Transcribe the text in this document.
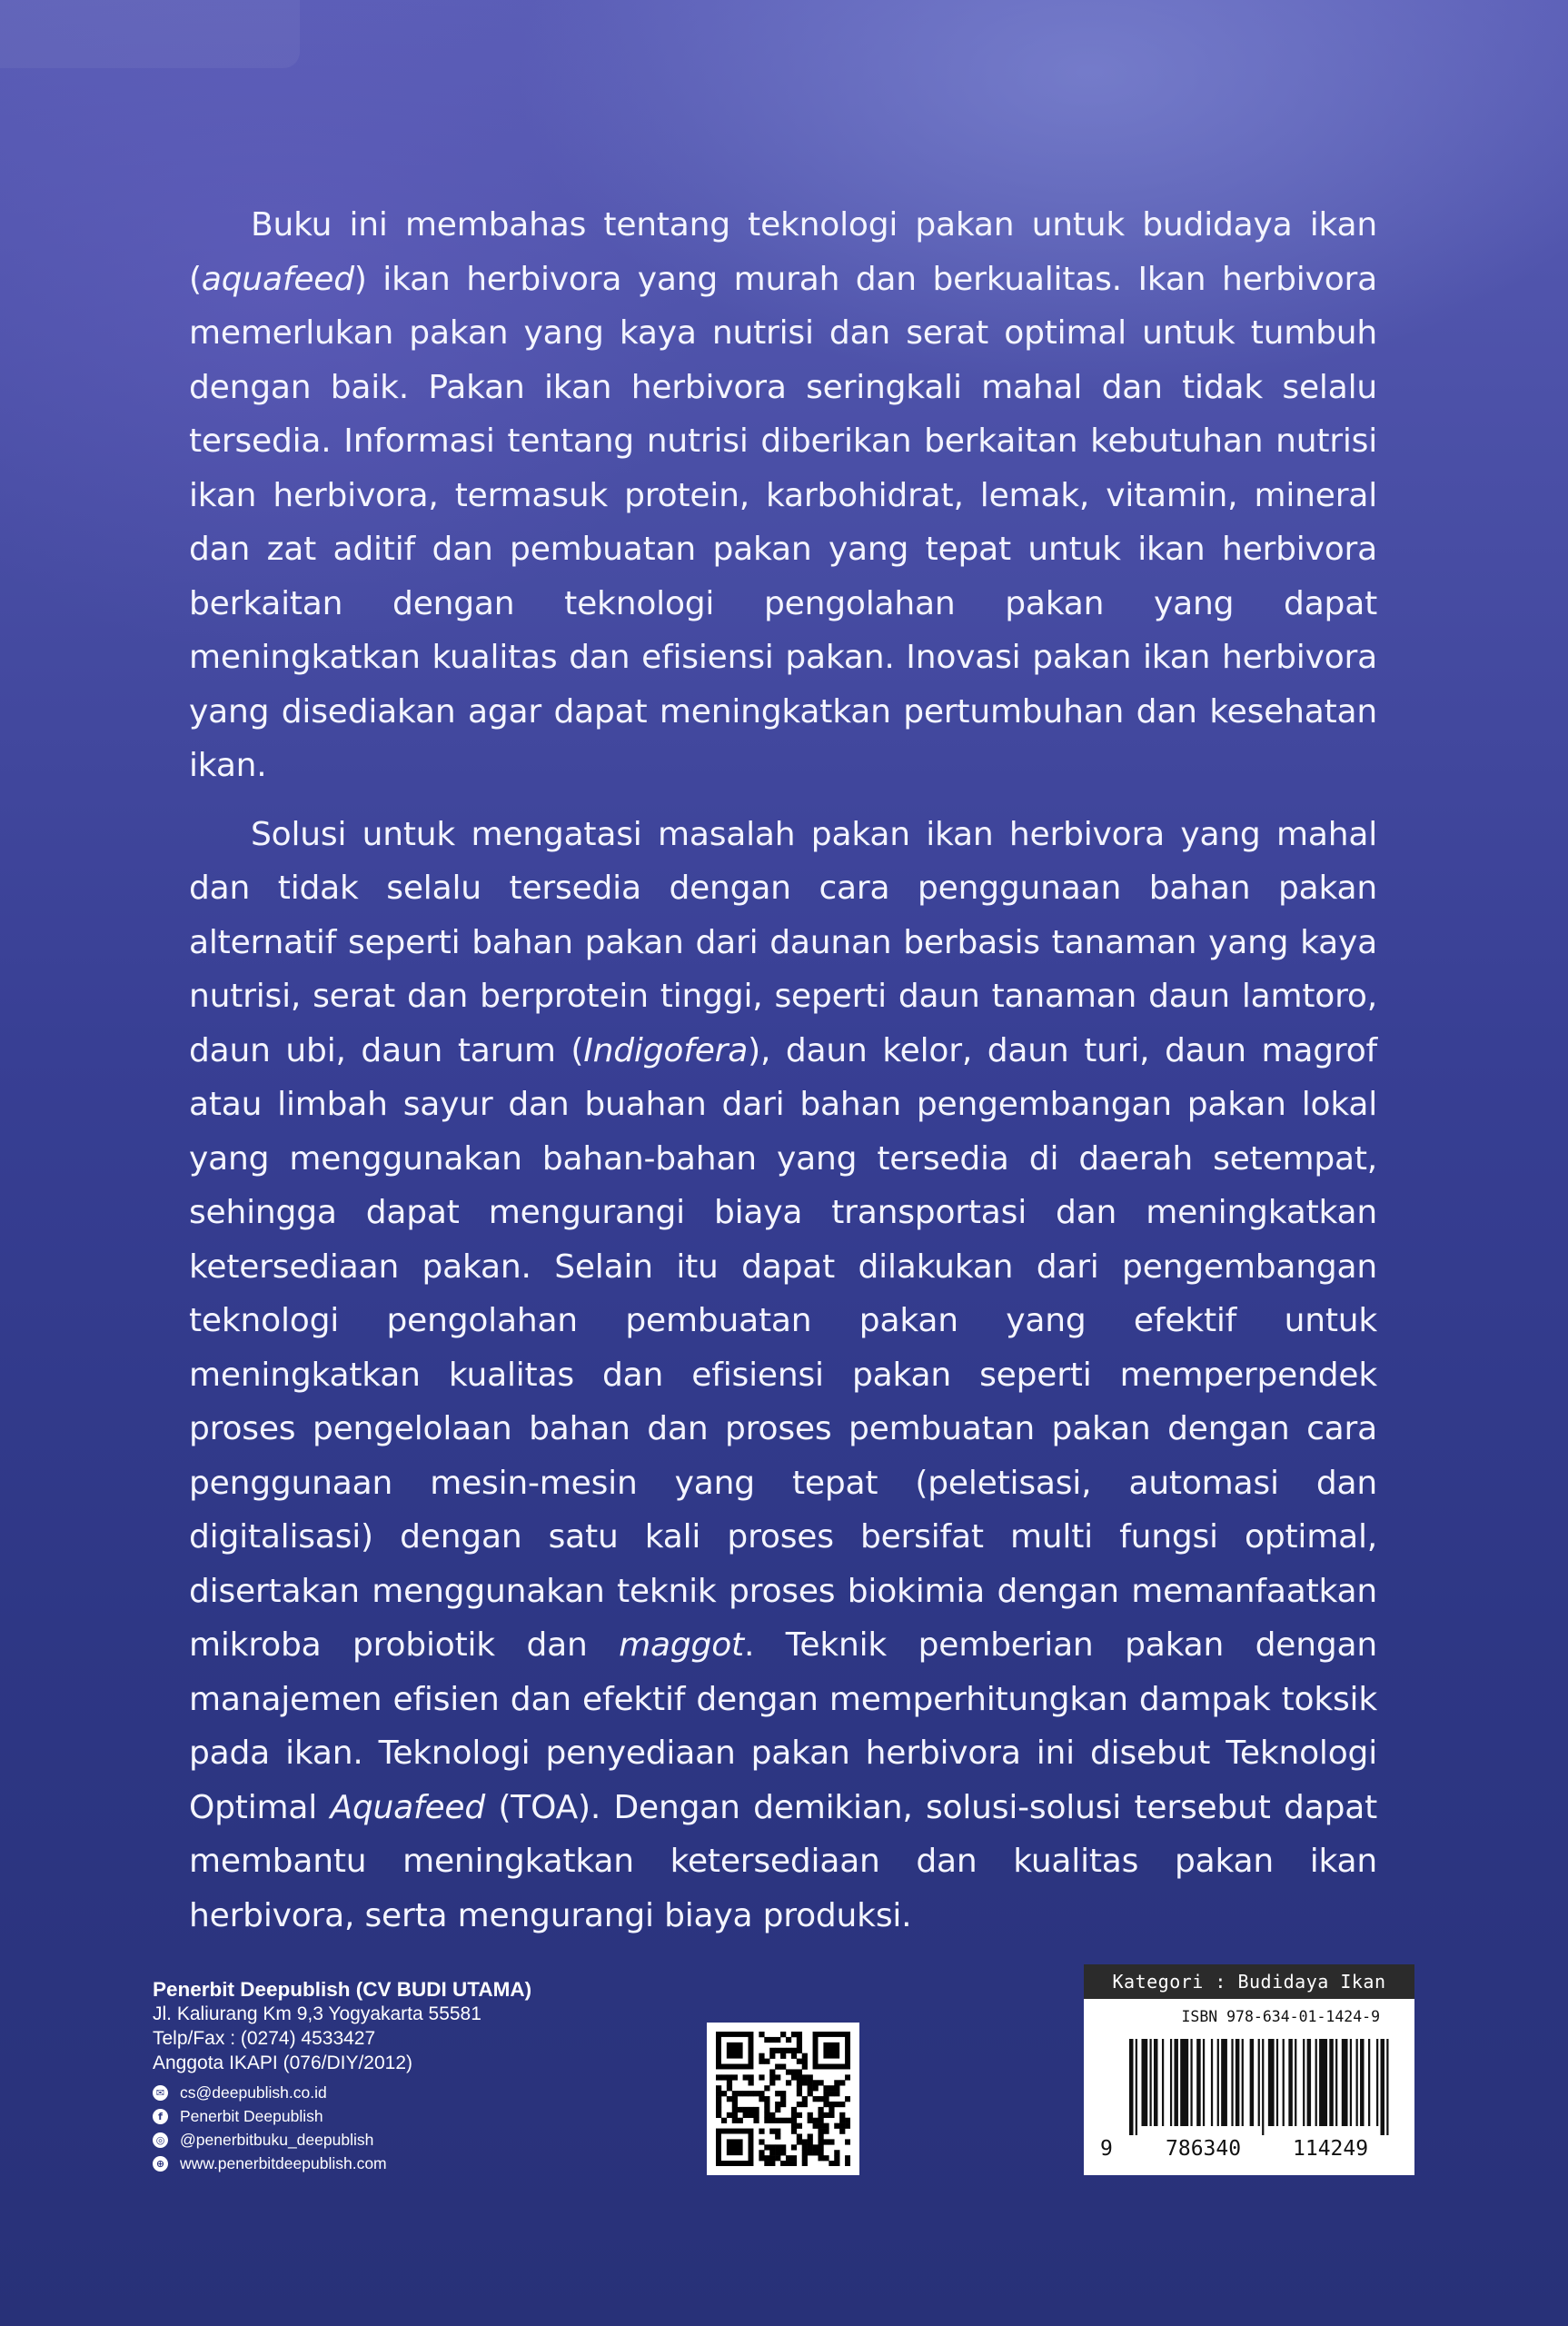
Buku ini membahas tentang teknologi pakan untuk budidaya ikan (aquafeed) ikan herbivora yang murah dan berkualitas. Ikan herbivora memerlukan pakan yang kaya nutrisi dan serat optimal untuk tumbuh dengan baik. Pakan ikan herbivora seringkali mahal dan tidak selalu tersedia. Informasi tentang nutrisi diberikan berkaitan kebutuhan nutrisi ikan herbivora, termasuk protein, karbohidrat, lemak, vitamin, mineral dan zat aditif dan pembuatan pakan yang tepat untuk ikan herbivora berkaitan dengan teknologi pengolahan pakan yang dapat meningkatkan kualitas dan efisiensi pakan. Inovasi pakan ikan herbivora yang disediakan agar dapat meningkatkan pertumbuhan dan kesehatan ikan.

Solusi untuk mengatasi masalah pakan ikan herbivora yang mahal dan tidak selalu tersedia dengan cara penggunaan bahan pakan alternatif seperti bahan pakan dari daunan berbasis tanaman yang kaya nutrisi, serat dan berprotein tinggi, seperti daun tanaman daun lamtoro, daun ubi, daun tarum (Indigofera), daun kelor, daun turi, daun magrof atau limbah sayur dan buahan dari bahan pengembangan pakan lokal yang menggunakan bahan-bahan yang tersedia di daerah setempat, sehingga dapat mengurangi biaya transportasi dan meningkatkan ketersediaan pakan. Selain itu dapat dilakukan dari pengembangan teknologi pengolahan pembuatan pakan yang efektif untuk meningkatkan kualitas dan efisiensi pakan seperti memperpendek proses pengelolaan bahan dan proses pembuatan pakan dengan cara penggunaan mesin-mesin yang tepat (peletisasi, automasi dan digitalisasi) dengan satu kali proses bersifat multi fungsi optimal, disertakan menggunakan teknik proses biokimia dengan memanfaatkan mikroba probiotik dan maggot. Teknik pemberian pakan dengan manajemen efisien dan efektif dengan memperhitungkan dampak toksik pada ikan. Teknologi penyediaan pakan herbivora ini disebut Teknologi Optimal Aquafeed (TOA). Dengan demikian, solusi-solusi tersebut dapat membantu meningkatkan ketersediaan dan kualitas pakan ikan herbivora, serta mengurangi biaya produksi.

Penerbit Deepublish (CV BUDI UTAMA)
Jl. Kaliurang Km 9,3 Yogyakarta 55581
Telp/Fax : (0274) 4533427
Anggota IKAPI (076/DIY/2012)
✉ cs@deepublish.co.id
f	Penerbit Deepublish
◎ @penerbitbuku_deepublish
⊕ www.penerbitdeepublish.com
Kategori : Budidaya Ikan
ISBN 978-634-01-1424-9
9	786340 114249
